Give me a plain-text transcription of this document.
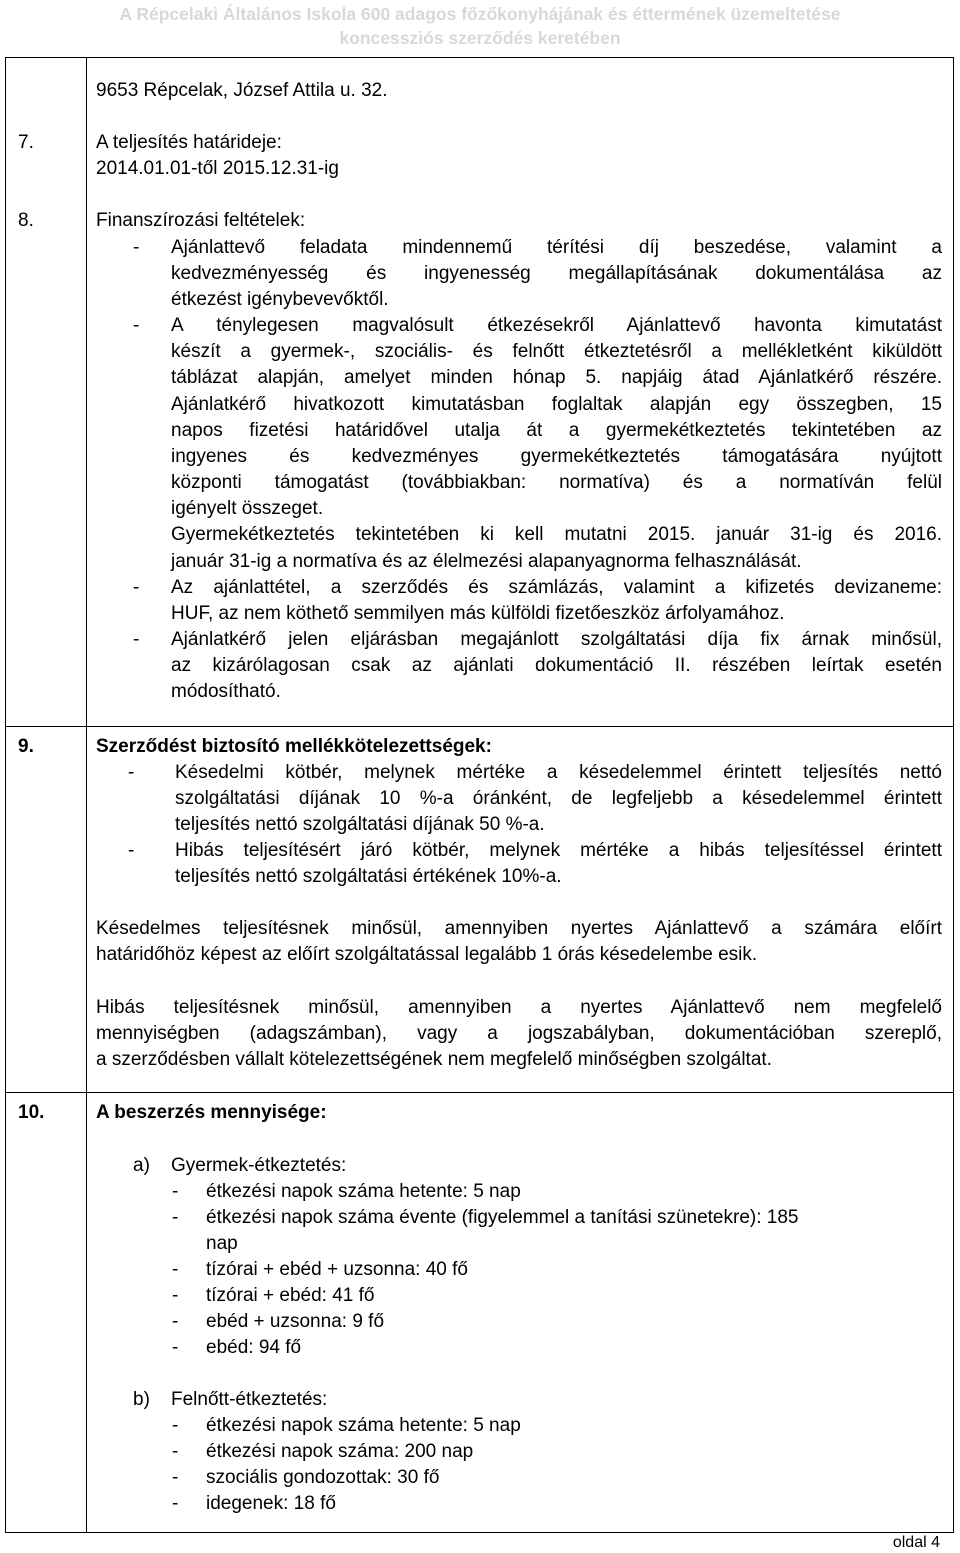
A Répcelaki Általános Iskola 600 adagos főzőkonyhájának és éttermének üzemeltetése
koncessziós szerződés keretében
9653 Répcelak, József Attila u. 32.
7.	A teljesítés határideje:
2014.01.01-től 2015.12.31-ig
8.	Finanszírozási feltételek:
- Ajánlattevő feladata mindennemű térítési díj beszedése, valamint a
kedvezményesség és ingyenesség megállapításának dokumentálása az
étkezést igénybevevőktől.
- A ténylegesen magvalósult étkezésekről Ajánlattevő havonta kimutatást
készít a gyermek-, szociális- és felnőtt étkeztetésről a mellékletként kiküldött
táblázat alapján, amelyet minden hónap 5. napjáig átad Ajánlatkérő részére.
Ajánlatkérő hivatkozott kimutatásban foglaltak alapján egy összegben, 15
napos fizetési határidővel utalja át a gyermekétkeztetés tekintetében az
ingyenes és kedvezményes gyermekétkeztetés támogatására nyújtott
központi támogatást (továbbiakban: normatíva) és a normatíván felül
igényelt összeget.
Gyermekétkeztetés tekintetében ki kell mutatni 2015. január 31-ig és 2016.
január 31-ig a normatíva és az élelmezési alapanyagnorma felhasználását.
- Az ajánlattétel, a szerződés és számlázás, valamint a kifizetés devizaneme:
HUF, az nem köthető semmilyen más külföldi fizetőeszköz árfolyamához.
- Ajánlatkérő jelen eljárásban megajánlott szolgáltatási díja fix árnak minősül,
az kizárólagosan csak az ajánlati dokumentáció II. részében leírtak esetén
módosítható.
9.	Szerződést biztosító mellékkötelezettségek:
- Késedelmi kötbér, melynek mértéke a késedelemmel érintett teljesítés nettó
szolgáltatási díjának 10 %-a óránként, de legfeljebb a késedelemmel érintett
teljesítés nettó szolgáltatási díjának 50 %-a.
- Hibás teljesítésért járó kötbér, melynek mértéke a hibás teljesítéssel érintett
teljesítés nettó szolgáltatási értékének 10%-a.
Késedelmes teljesítésnek minősül, amennyiben nyertes Ajánlattevő a számára előírt
határidőhöz képest az előírt szolgáltatással legalább 1 órás késedelembe esik.
Hibás teljesítésnek minősül, amennyiben a nyertes Ajánlattevő nem megfelelő
mennyiségben (adagszámban), vagy a jogszabályban, dokumentációban szereplő,
a szerződésben vállalt kötelezettségének nem megfelelő minőségben szolgáltat.
10.	A beszerzés mennyisége:
a) Gyermek-étkeztetés:
- étkezési napok száma hetente: 5 nap
- étkezési napok száma évente (figyelemmel a tanítási szünetekre): 185
nap
- tízórai + ebéd + uzsonna: 40 fő
- tízórai + ebéd: 41 fő
- ebéd + uzsonna: 9 fő
- ebéd: 94 fő
b) Felnőtt-étkeztetés:
- étkezési napok száma hetente: 5 nap
- étkezési napok száma: 200 nap
- szociális gondozottak: 30 fő
- idegenek: 18 fő
oldal 4
